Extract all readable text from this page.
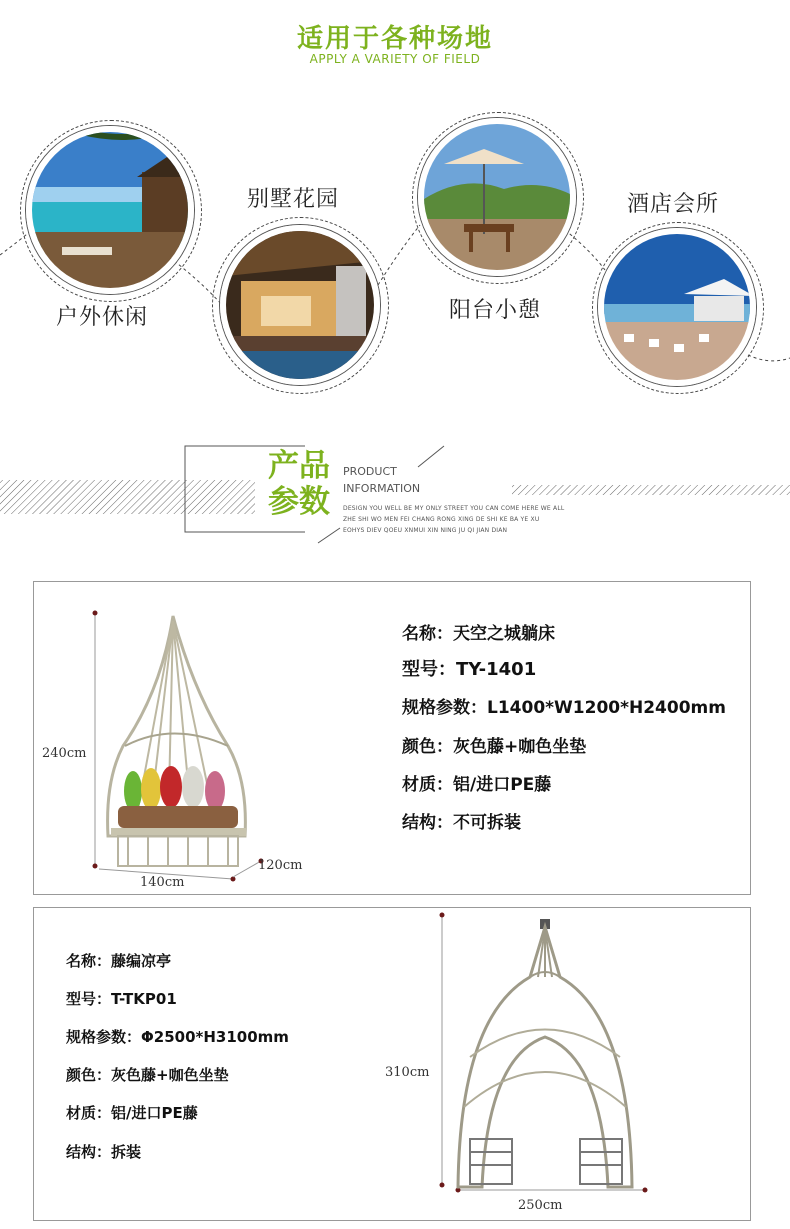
适用于各种场地
APPLY A VARIETY OF FIELD
户外休闲
别墅花园
阳台小憩
酒店会所
产品
参数
PRODUCT
INFORMATION
DESIGN YOU WELL BE MY ONLY STREET YOU CAN COME HERE WE ALL
ZHE SHI WO MEN FEI CHANG RONG XING DE SHI KE BA YE XU
EOHYS DIEV QOEU XNMUI XIN NING JU QI JIAN DIAN
240cm
140cm
120cm
名称：天空之城躺床
型号：TY-1401
规格参数：L1400*W1200*H2400mm
颜色：灰色藤+咖色坐垫
材质：铝/进口PE藤
结构：不可拆装
名称：藤编凉亭
型号：T-TKP01
规格参数：Φ2500*H3100mm
颜色：灰色藤+咖色坐垫
材质：铝/进口PE藤
结构：拆装
310cm
250cm
